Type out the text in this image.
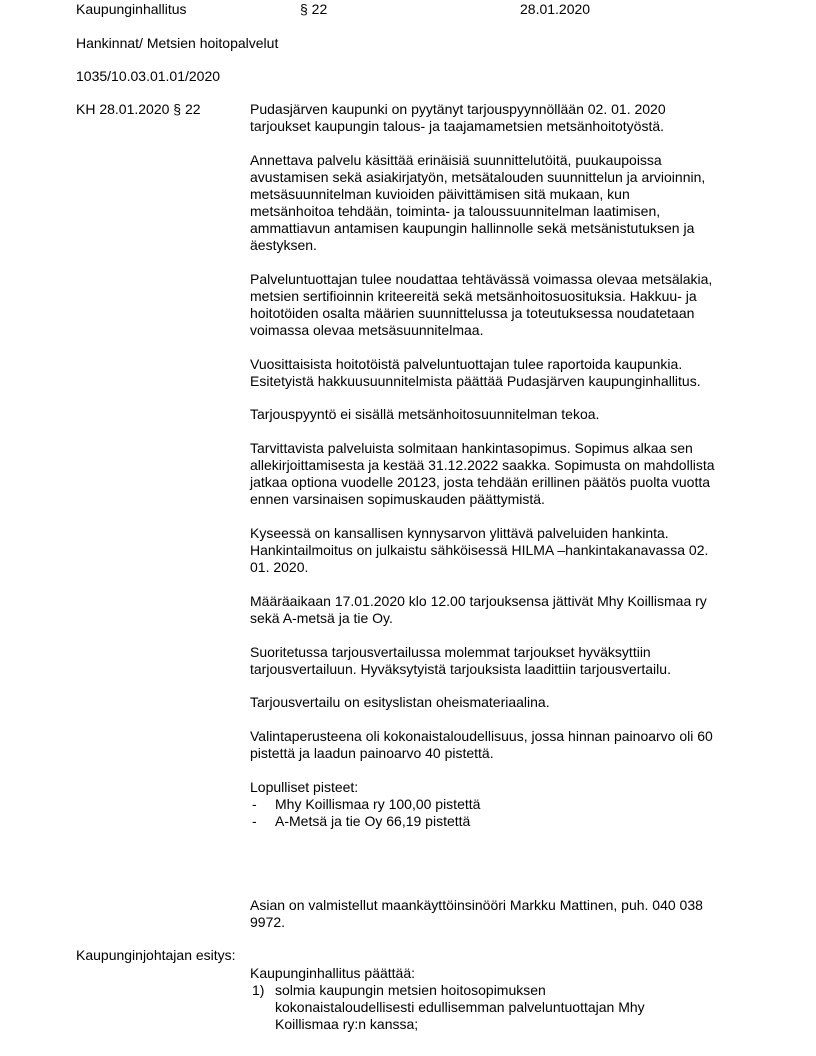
Kaupunginhallitus	§ 22	28.01.2020
Hankinnat/ Metsien hoitopalvelut
1035/10.03.01.01/2020
KH 28.01.2020 § 22	Pudasjärven kaupunki on pyytänyt tarjouspyynnöllään 02. 01. 2020
tarjoukset kaupungin talous- ja taajamametsien metsänhoitotyöstä.
Annettava palvelu käsittää erinäisiä suunnittelutöitä, puukaupoissa
avustamisen sekä asiakirjatyön, metsätalouden suunnittelun ja arvioinnin,
metsäsuunnitelman kuvioiden päivittämisen sitä mukaan, kun
metsänhoitoa tehdään, toiminta- ja taloussuunnitelman laatimisen,
ammattiavun antamisen kaupungin hallinnolle sekä metsänistutuksen ja
äestyksen.
Palveluntuottajan tulee noudattaa tehtävässä voimassa olevaa metsälakia,
metsien sertifioinnin kriteereitä sekä metsänhoitosuosituksia. Hakkuu- ja
hoitotöiden osalta määrien suunnittelussa ja toteutuksessa noudatetaan
voimassa olevaa metsäsuunnitelmaa.
Vuosittaisista hoitotöistä palveluntuottajan tulee raportoida kaupunkia.
Esitetyistä hakkuusuunnitelmista päättää Pudasjärven kaupunginhallitus.
Tarjouspyyntö ei sisällä metsänhoitosuunnitelman tekoa.
Tarvittavista palveluista solmitaan hankintasopimus. Sopimus alkaa sen
allekirjoittamisesta ja kestää 31.12.2022 saakka. Sopimusta on mahdollista
jatkaa optiona vuodelle 20123, josta tehdään erillinen päätös puolta vuotta
ennen varsinaisen sopimuskauden päättymistä.
Kyseessä on kansallisen kynnysarvon ylittävä palveluiden hankinta.
Hankintailmoitus on julkaistu sähköisessä HILMA –hankintakanavassa 02.
01. 2020.
Määräaikaan 17.01.2020 klo 12.00 tarjouksensa jättivät Mhy Koillismaa ry
sekä A-metsä ja tie Oy.
Suoritetussa tarjousvertailussa molemmat tarjoukset hyväksyttiin
tarjousvertailuun. Hyväksytyistä tarjouksista laadittiin tarjousvertailu.
Tarjousvertailu on esityslistan oheismateriaalina.
Valintaperusteena oli kokonaistaloudellisuus, jossa hinnan painoarvo oli 60
pistettä ja laadun painoarvo 40 pistettä.
Lopulliset pisteet:
- Mhy Koillismaa ry 100,00 pistettä
- A-Metsä ja tie Oy 66,19 pistettä
Asian on valmistellut maankäyttöinsinööri Markku Mattinen, puh. 040 038
9972.
Kaupunginjohtajan esitys:
Kaupunginhallitus päättää:
1) solmia kaupungin metsien hoitosopimuksen
kokonaistaloudellisesti edullisemman palveluntuottajan Mhy
Koillismaa ry:n kanssa;
